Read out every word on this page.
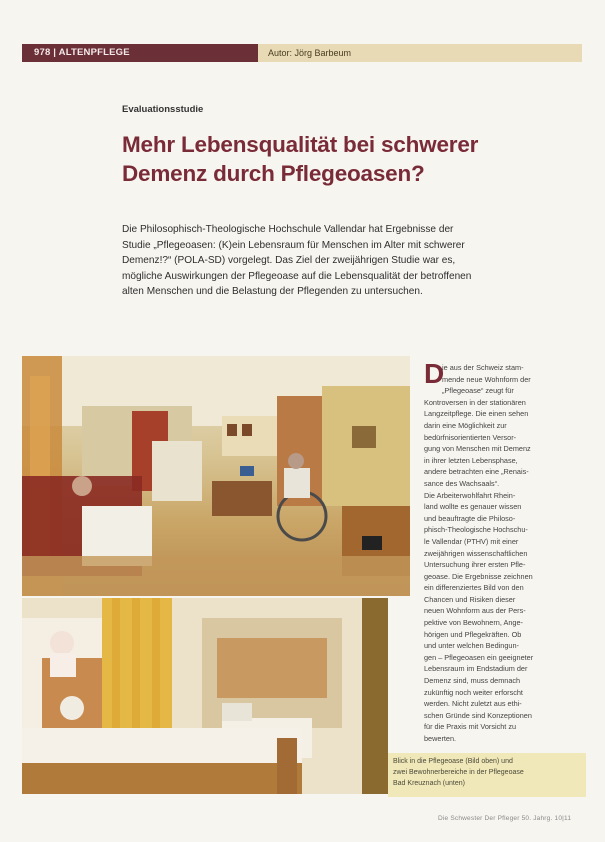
978 | ALTENPFLEGE	Autor: Jörg Barbeum
Evaluationsstudie
Mehr Lebensqualität bei schwerer
Demenz durch Pflegeoasen?
Die Philosophisch-Theologische Hochschule Vallendar hat Ergebnisse der
Studie „Pflegeoasen: (K)ein Lebensraum für Menschen im Alter mit schwerer
Demenz!?“ (POLA-SD) vorgelegt. Das Ziel der zweijährigen Studie war es,
mögliche Auswirkungen der Pflegeoase auf die Lebensqualität der betroffenen
alten Menschen und die Belastung der Pflegenden zu untersuchen.
D
ie aus der Schweiz stam-
mende neue Wohnform der
„Pflegeoase“ zeugt für
Kontroversen in der stationären
Langzeitpflege. Die einen sehen
darin eine Möglichkeit zur
bedürfnisorientierten Versor-
gung von Menschen mit Demenz
in ihrer letzten Lebensphase,
andere betrachten eine „Renais-
sance des Wachsaals“.
Die Arbeiterwohlfahrt Rhein-
land wollte es genauer wissen
und beauftragte die Philoso-
phisch-Theologische Hochschu-
le Vallendar (PTHV) mit einer
zweijährigen wissenschaftlichen
Untersuchung ihrer ersten Pfle-
geoase. Die Ergebnisse zeichnen
ein differenziertes Bild von den
Chancen und Risiken dieser
neuen Wohnform aus der Pers-
pektive von Bewohnern, Ange-
hörigen und Pflegekräften. Ob
und unter welchen Bedingun-
gen – Pflegeoasen ein geeigneter
Lebensraum im Endstadium der
Demenz sind, muss demnach
zukünftig noch weiter erforscht
werden. Nicht zuletzt aus ethi-
schen Gründe sind Konzeptionen
für die Praxis mit Vorsicht zu
bewerten.
Blick in die Pflegeoase (Bild oben) und
zwei Bewohnerbereiche in der Pflegeoase
Bad Kreuznach (unten)
Die Schwester Der Pfleger 50. Jahrg. 10|11
